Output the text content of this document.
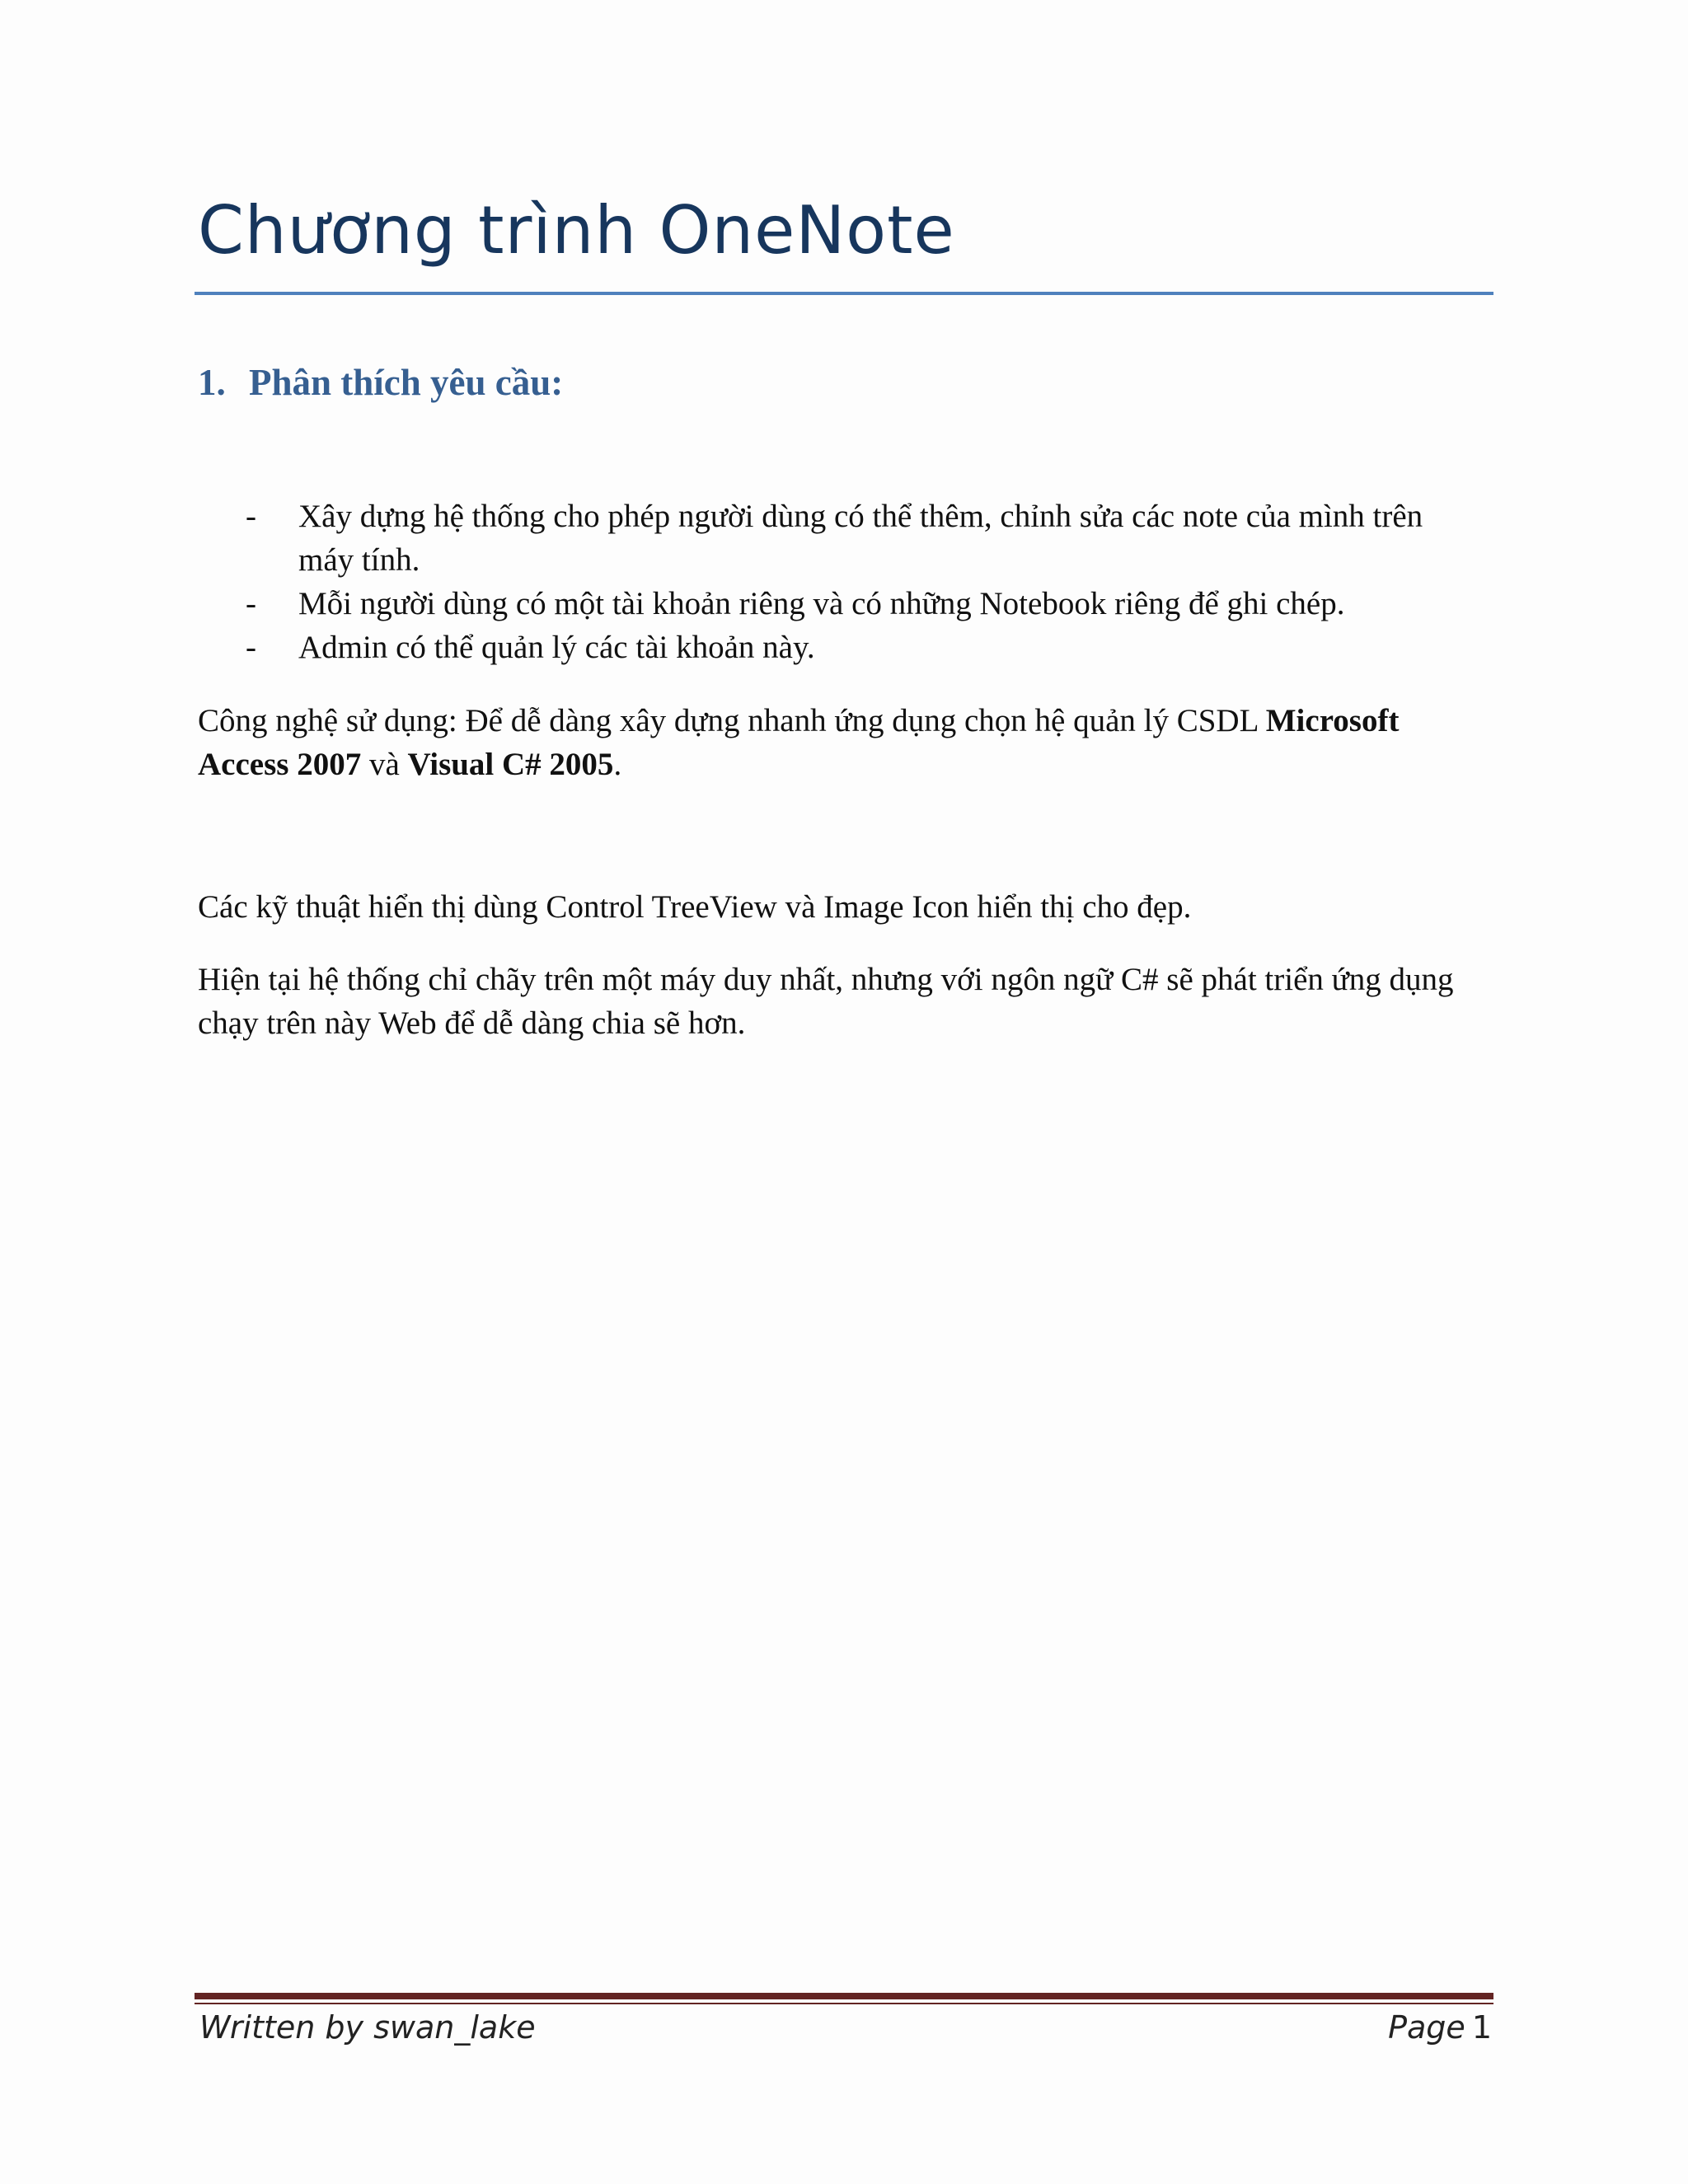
Chương trình OneNote
1. Phân thích yêu cầu:
- Xây dựng hệ thống cho phép người dùng có thể thêm, chỉnh sửa các note của mình trên máy tính.
- Mỗi người dùng có một tài khoản riêng và có những Notebook riêng để ghi chép.
- Admin có thể quản lý các tài khoản này.

Công nghệ sử dụng: Để dễ dàng xây dựng nhanh ứng dụng chọn hệ quản lý CSDL Microsoft Access 2007 và Visual C# 2005.

Các kỹ thuật hiển thị dùng Control TreeView và Image Icon hiển thị cho đẹp.

Hiện tại hệ thống chỉ chãy trên một máy duy nhất, nhưng với ngôn ngữ C# sẽ phát triển ứng dụng chạy trên này Web để dễ dàng chia sẽ hơn.

Written by swan_lake	Page 1
